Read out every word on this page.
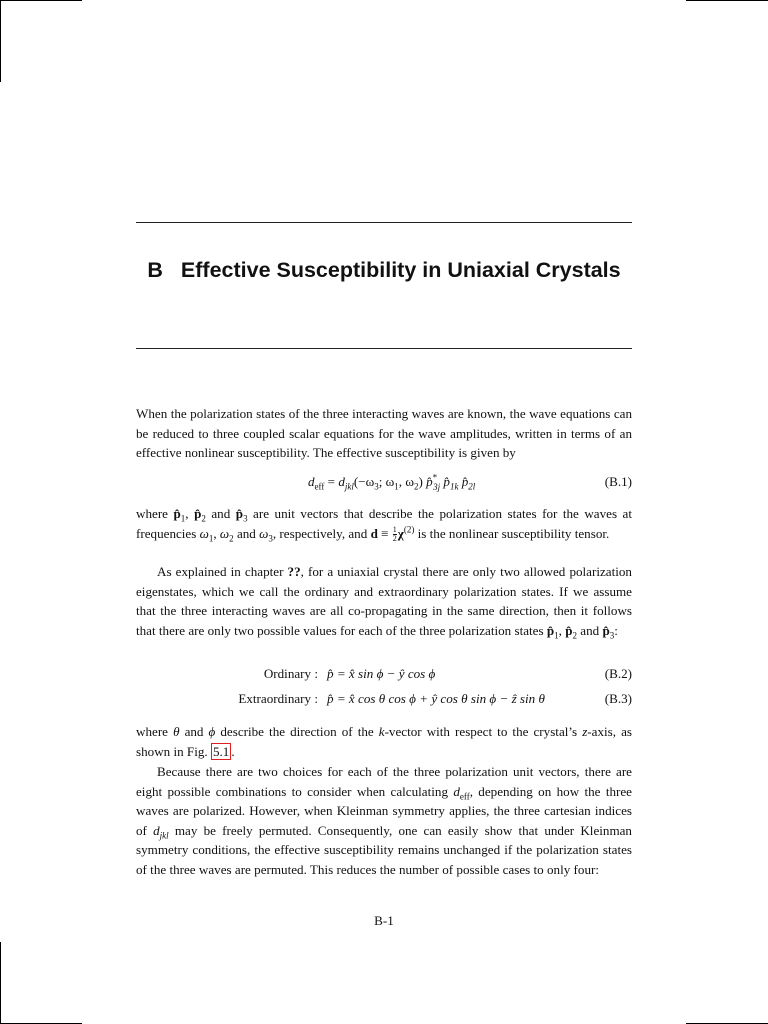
B Effective Susceptibility in Uniaxial Crystals

When the polarization states of the three interacting waves are known, the wave equations can be reduced to three coupled scalar equations for the wave amplitudes, written in terms of an effective nonlinear susceptibility. The effective susceptibility is given by

$d_{eff} = d_{jkl}(-\omega_3$; $\omega_1$, $\omega_2$) $p̂^*_{3j}$ $p̂_{1k}$ $p̂_{2l}$	(B.1)

where $p̂_1$, $p̂_2$ and $p̂_3$ are unit vectors that describe the polarization states for the waves at frequencies $\omega_1$, $\omega_2$ and $\omega_3$, respectively, and $d \equiv \frac{1}{2} \chi^{(2)}$ is the nonlinear susceptibility tensor.

As explained in chapter ??, for a uniaxial crystal there are only two allowed polarization eigenstates, which we call the ordinary and extraordinary polarization states. If we assume that the three interacting waves are all co-propagating in the same direction, then it follows that there are only two possible values for each of the three polarization states $p̂_1$, $p̂_2$ and $p̂_3$:

Ordinary : p̂ = x̂ sin ϕ − ŷ cos ϕ	(B.2)
Extraordinary : p̂ = x̂ cos θ cos ϕ + ŷ cos θ sin ϕ − ẑ sin θ	(B.3)

where θ and ϕ describe the direction of the k-vector with respect to the crystal’s z-axis, as shown in Fig. 5.1 .

Because there are two choices for each of the three polarization unit vectors, there are eight possible combinations to consider when calculating $d_{eff}$, depending on how the three waves are polarized. However, when Kleinman symmetry applies, the three cartesian indices of $d_{jkl}$ may be freely permuted. Consequently, one can easily show that under Kleinman symmetry conditions, the effective susceptibility remains unchanged if the polarization states of the three waves are permuted. This reduces the number of possible cases to only four:

B-1
